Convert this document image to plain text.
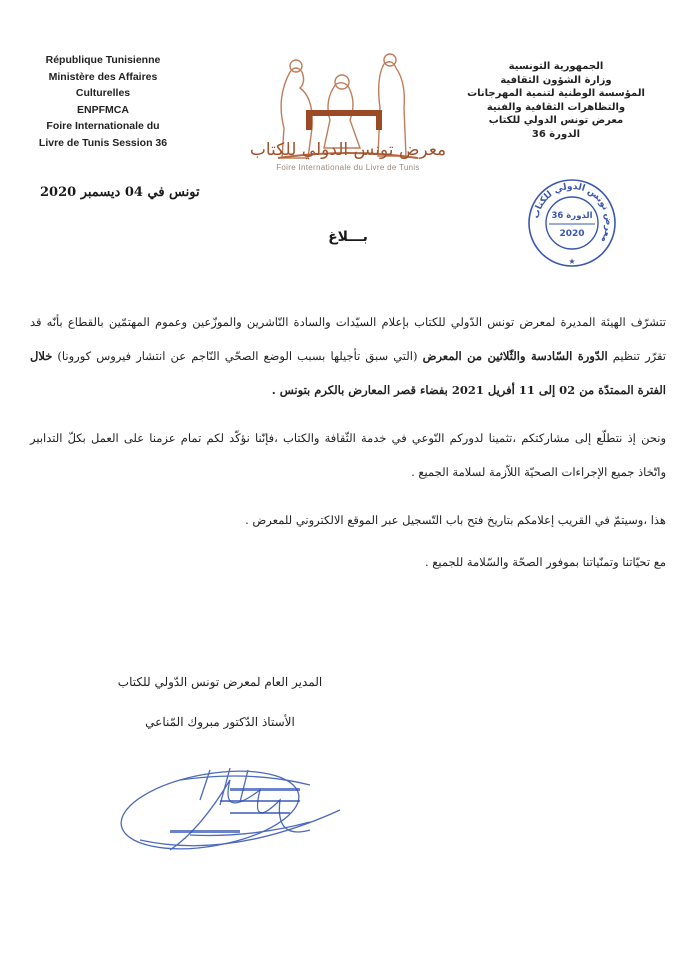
République Tunisienne
Ministère des Affaires
Culturelles
ENPFMCA
Foire Internationale du
Livre de Tunis Session 36	معرض تونس الدولي للكتاب
Foire Internationale du Livre de Tunis
الجمهورية التونسية
وزارة الشؤون الثقافية
المؤسسة الوطنية لتنمية المهرجانات
والتظاهرات الثقافية والفنية
معرض تونس الدولي للكتاب
الدورة 36
تونس في 04 ديسمبر 2020
معرض تونس الدولي للكتاب
الدورة 36
2020
★
بـــلاغ

تتشرّف الهيئة المديرة لمعرض تونس الدّولي للكتاب بإعلام السيّدات والسادة النّاشرين والموزّعين وعموم المهتمّين بالقطاع بأنّه قد تقرّر تنظيم الدّورة السّادسة والثّلاثين من المعرض (التي سبق تأجيلها بسبب الوضع الصحّي النّاجم عن انتشار فيروس كورونا) خلال الفترة الممتدّة من 02 إلى 11 أفريل 2021 بفضاء قصر المعارض بالكرم بتونس .

ونحن إذ نتطلّع إلى مشاركتكم ،تثمينا لدوركم النّوعي في خدمة الثّقافة والكتاب ،فإنّنا نؤكّد لكم تمام عزمنا على العمل بكلّ التدابير واتّخاذ جميع الإجراءات الصحيّة اللاّزمة لسلامة الجميع .

هذا ،وسيتمّ في القريب إعلامكم بتاريخ فتح باب التّسجيل عبر الموقع الالكتروني للمعرض .

مع تحيّاتنا وتمنّياتنا بموفور الصحّة والسّلامة للجميع .

المدير العام لمعرض تونس الدّولي للكتاب
الأستاذ الدّكتور مبروك المّناعي
